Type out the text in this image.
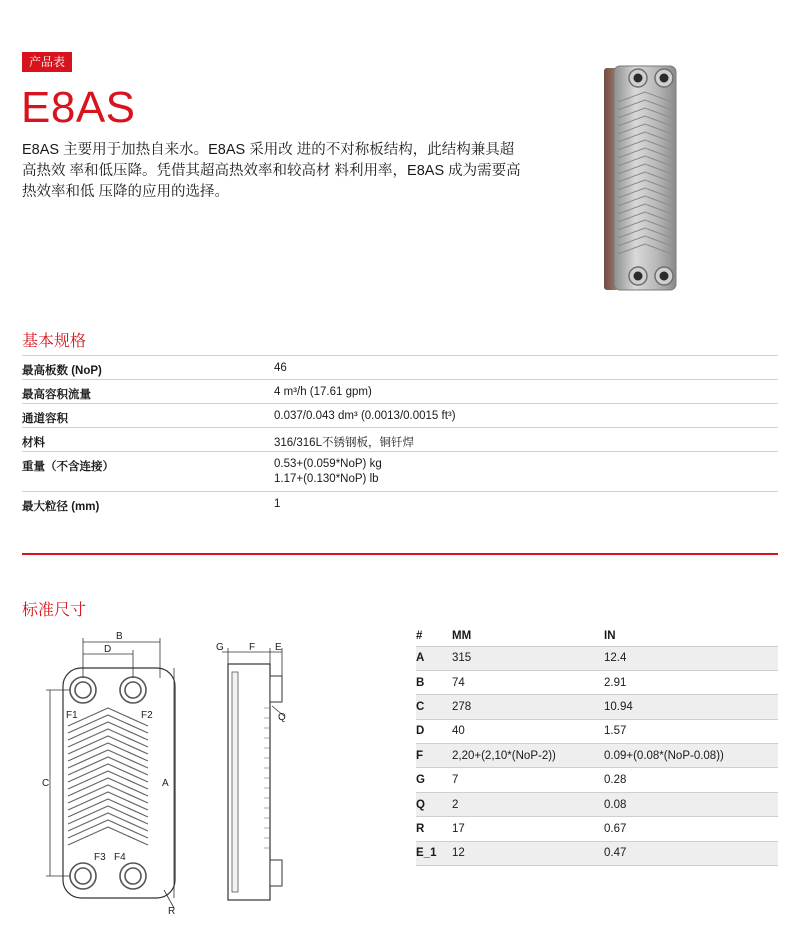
产品表
E8AS

E8AS 主要用于加热自来水。E8AS 采用改 进的不对称板结构，此结构兼具超高热效 率和低压降。凭借其超高热效率和较高材 料利用率，E8AS 成为需要高热效率和低 压降的应用的选择。

基本规格
最高板数 (NoP)	46
最高容积流量	4 m³/h (17.61 gpm)
通道容积	0.037/0.043 dm³ (0.0013/0.0015 ft³)
材料	316/316L不锈钢板，铜钎焊
重量（不含连接）	0.53+(0.059*NoP) kg
1.17+(0.130*NoP) lb

最大粒径 (mm)	1
标准尺寸
F1	F2
F3 F4
B
D
C	A
R
G	F E
Q
#	MM	IN
A	315	12.4
B	74	2.91
C	278	10.94
D	40	1.57
F	2,20+(2,10*(NoP-2))	0.09+(0.08*(NoP-0.08))
G	7	0.28
Q	2	0.08
R	17	0.67
E_1	12	0.47
